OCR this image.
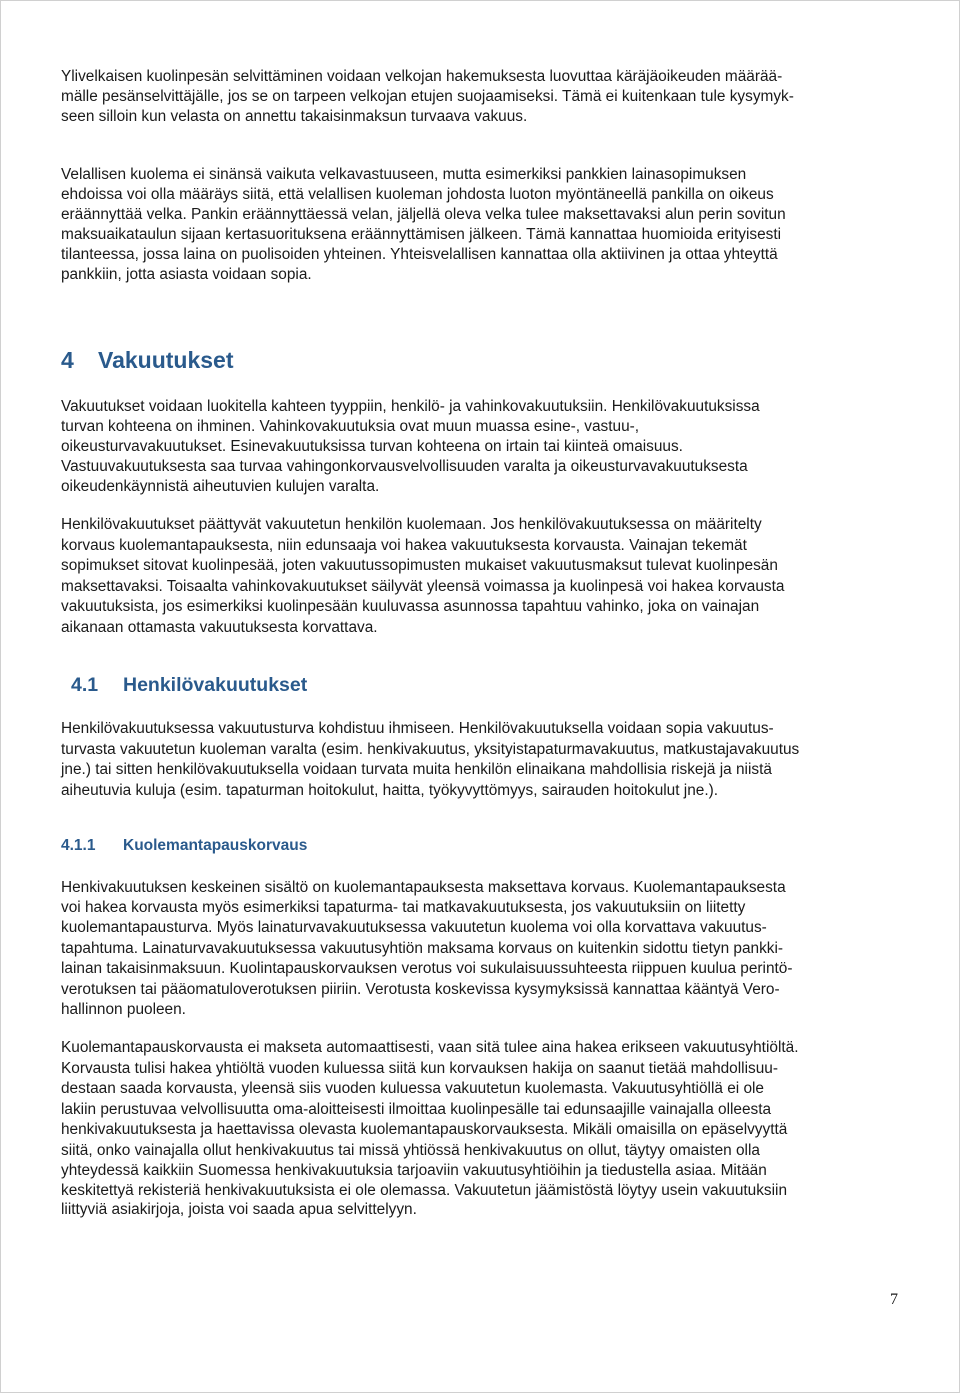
Ylivelkaisen kuolinpesän selvittäminen voidaan velkojan hakemuksesta luovuttaa käräjäoikeuden määrää-
mälle pesänselvittäjälle, jos se on tarpeen velkojan etujen suojaamiseksi. Tämä ei kuitenkaan tule kysymyk-
seen silloin kun velasta on annettu takaisinmaksun turvaava vakuus.
Velallisen kuolema ei sinänsä vaikuta velkavastuuseen, mutta esimerkiksi pankkien lainasopimuksen
ehdoissa voi olla määräys siitä, että velallisen kuoleman johdosta luoton myöntäneellä pankilla on oikeus
eräännyttää velka. Pankin eräännyttäessä velan, jäljellä oleva velka tulee maksettavaksi alun perin sovitun
maksuaikataulun sijaan kertasuorituksena eräännyttämisen jälkeen. Tämä kannattaa huomioida erityisesti
tilanteessa, jossa laina on puolisoiden yhteinen. Yhteisvelallisen kannattaa olla aktiivinen ja ottaa yhteyttä
pankkiin, jotta asiasta voidaan sopia.
4 Vakuutukset
Vakuutukset voidaan luokitella kahteen tyyppiin, henkilö- ja vahinkovakuutuksiin. Henkilövakuutuksissa
turvan kohteena on ihminen. Vahinkovakuutuksia ovat muun muassa esine-, vastuu-,
oikeusturvavakuutukset. Esinevakuutuksissa turvan kohteena on irtain tai kiinteä omaisuus.
Vastuuvakuutuksesta saa turvaa vahingonkorvausvelvollisuuden varalta ja oikeusturvavakuutuksesta
oikeudenkäynnistä aiheutuvien kulujen varalta.
Henkilövakuutukset päättyvät vakuutetun henkilön kuolemaan. Jos henkilövakuutuksessa on määritelty
korvaus kuolemantapauksesta, niin edunsaaja voi hakea vakuutuksesta korvausta. Vainajan tekemät
sopimukset sitovat kuolinpesää, joten vakuutussopimusten mukaiset vakuutusmaksut tulevat kuolinpesän
maksettavaksi. Toisaalta vahinkovakuutukset säilyvät yleensä voimassa ja kuolinpesä voi hakea korvausta
vakuutuksista, jos esimerkiksi kuolinpesään kuuluvassa asunnossa tapahtuu vahinko, joka on vainajan
aikanaan ottamasta vakuutuksesta korvattava.
4.1 Henkilövakuutukset
Henkilövakuutuksessa vakuutusturva kohdistuu ihmiseen. Henkilövakuutuksella voidaan sopia vakuutus-
turvasta vakuutetun kuoleman varalta (esim. henkivakuutus, yksityistapaturmavakuutus, matkustajavakuutus
jne.) tai sitten henkilövakuutuksella voidaan turvata muita henkilön elinaikana mahdollisia riskejä ja niistä
aiheutuvia kuluja (esim. tapaturman hoitokulut, haitta, työkyvyttömyys, sairauden hoitokulut jne.).
4.1.1 Kuolemantapauskorvaus
Henkivakuutuksen keskeinen sisältö on kuolemantapauksesta maksettava korvaus. Kuolemantapauksesta
voi hakea korvausta myös esimerkiksi tapaturma- tai matkavakuutuksesta, jos vakuutuksiin on liitetty
kuolemantapausturva. Myös lainaturvavakuutuksessa vakuutetun kuolema voi olla korvattava vakuutus-
tapahtuma. Lainaturvavakuutuksessa vakuutusyhtiön maksama korvaus on kuitenkin sidottu tietyn pankki-
lainan takaisinmaksuun. Kuolintapauskorvauksen verotus voi sukulaisuussuhteesta riippuen kuulua perintö-
verotuksen tai pääomatuloverotuksen piiriin. Verotusta koskevissa kysymyksissä kannattaa kääntyä Vero-
hallinnon puoleen.
Kuolemantapauskorvausta ei makseta automaattisesti, vaan sitä tulee aina hakea erikseen vakuutusyhtiöltä.
Korvausta tulisi hakea yhtiöltä vuoden kuluessa siitä kun korvauksen hakija on saanut tietää mahdollisuu-
destaan saada korvausta, yleensä siis vuoden kuluessa vakuutetun kuolemasta. Vakuutusyhtiöllä ei ole
lakiin perustuvaa velvollisuutta oma-aloitteisesti ilmoittaa kuolinpesälle tai edunsaajille vainajalla olleesta
henkivakuutuksesta ja haettavissa olevasta kuolemantapauskorvauksesta. Mikäli omaisilla on epäselvyyttä
siitä, onko vainajalla ollut henkivakuutus tai missä yhtiössä henkivakuutus on ollut, täytyy omaisten olla
yhteydessä kaikkiin Suomessa henkivakuutuksia tarjoaviin vakuutusyhtiöihin ja tiedustella asiaa. Mitään
keskitettyä rekisteriä henkivakuutuksista ei ole olemassa. Vakuutetun jäämistöstä löytyy usein vakuutuksiin
liittyviä asiakirjoja, joista voi saada apua selvittelyyn.
7
